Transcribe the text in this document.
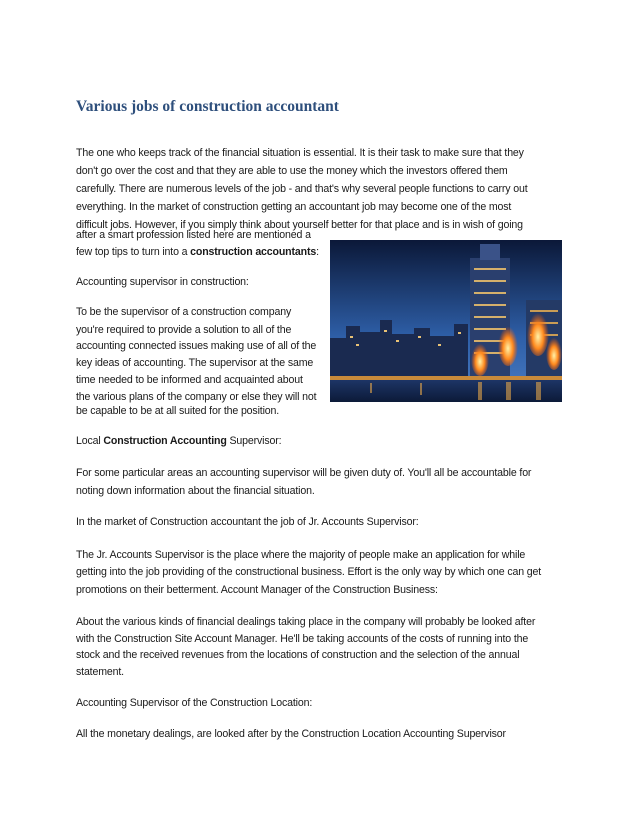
Various jobs of construction accountant

The one who keeps track of the financial situation is essential. It is their task to make sure that they

don't go over the cost and that they are able to use the money which the investors offered them

carefully. There are numerous levels of the job - and that's why several people functions to carry out

everything. In the market of construction getting an accountant job may become one of the most

difficult jobs. However, if you simply think about yourself better for that place and is in wish of going

after a smart profession listed here are mentioned a

few top tips to turn into a construction accountants:

Accounting supervisor in construction:

To be the supervisor of a construction company

you're required to provide a solution to all of the

accounting connected issues making use of all of the

key ideas of accounting. The supervisor at the same

time needed to be informed and acquainted about

the various plans of the company or else they will not

be capable to be at all suited for the position.

Local Construction Accounting Supervisor:

For some particular areas an accounting supervisor will be given duty of. You'll all be accountable for

noting down information about the financial situation.

In the market of Construction accountant the job of Jr. Accounts Supervisor:

The Jr. Accounts Supervisor is the place where the majority of people make an application for while

getting into the job providing of the constructional business. Effort is the only way by which one can get

promotions on their betterment. Account Manager of the Construction Business:

About the various kinds of financial dealings taking place in the company will probably be looked after

with the Construction Site Account Manager. He'll be taking accounts of the costs of running into the

stock and the received revenues from the locations of construction and the selection of the annual

statement.

Accounting Supervisor of the Construction Location:

All the monetary dealings, are looked after by the Construction Location Accounting Supervisor
